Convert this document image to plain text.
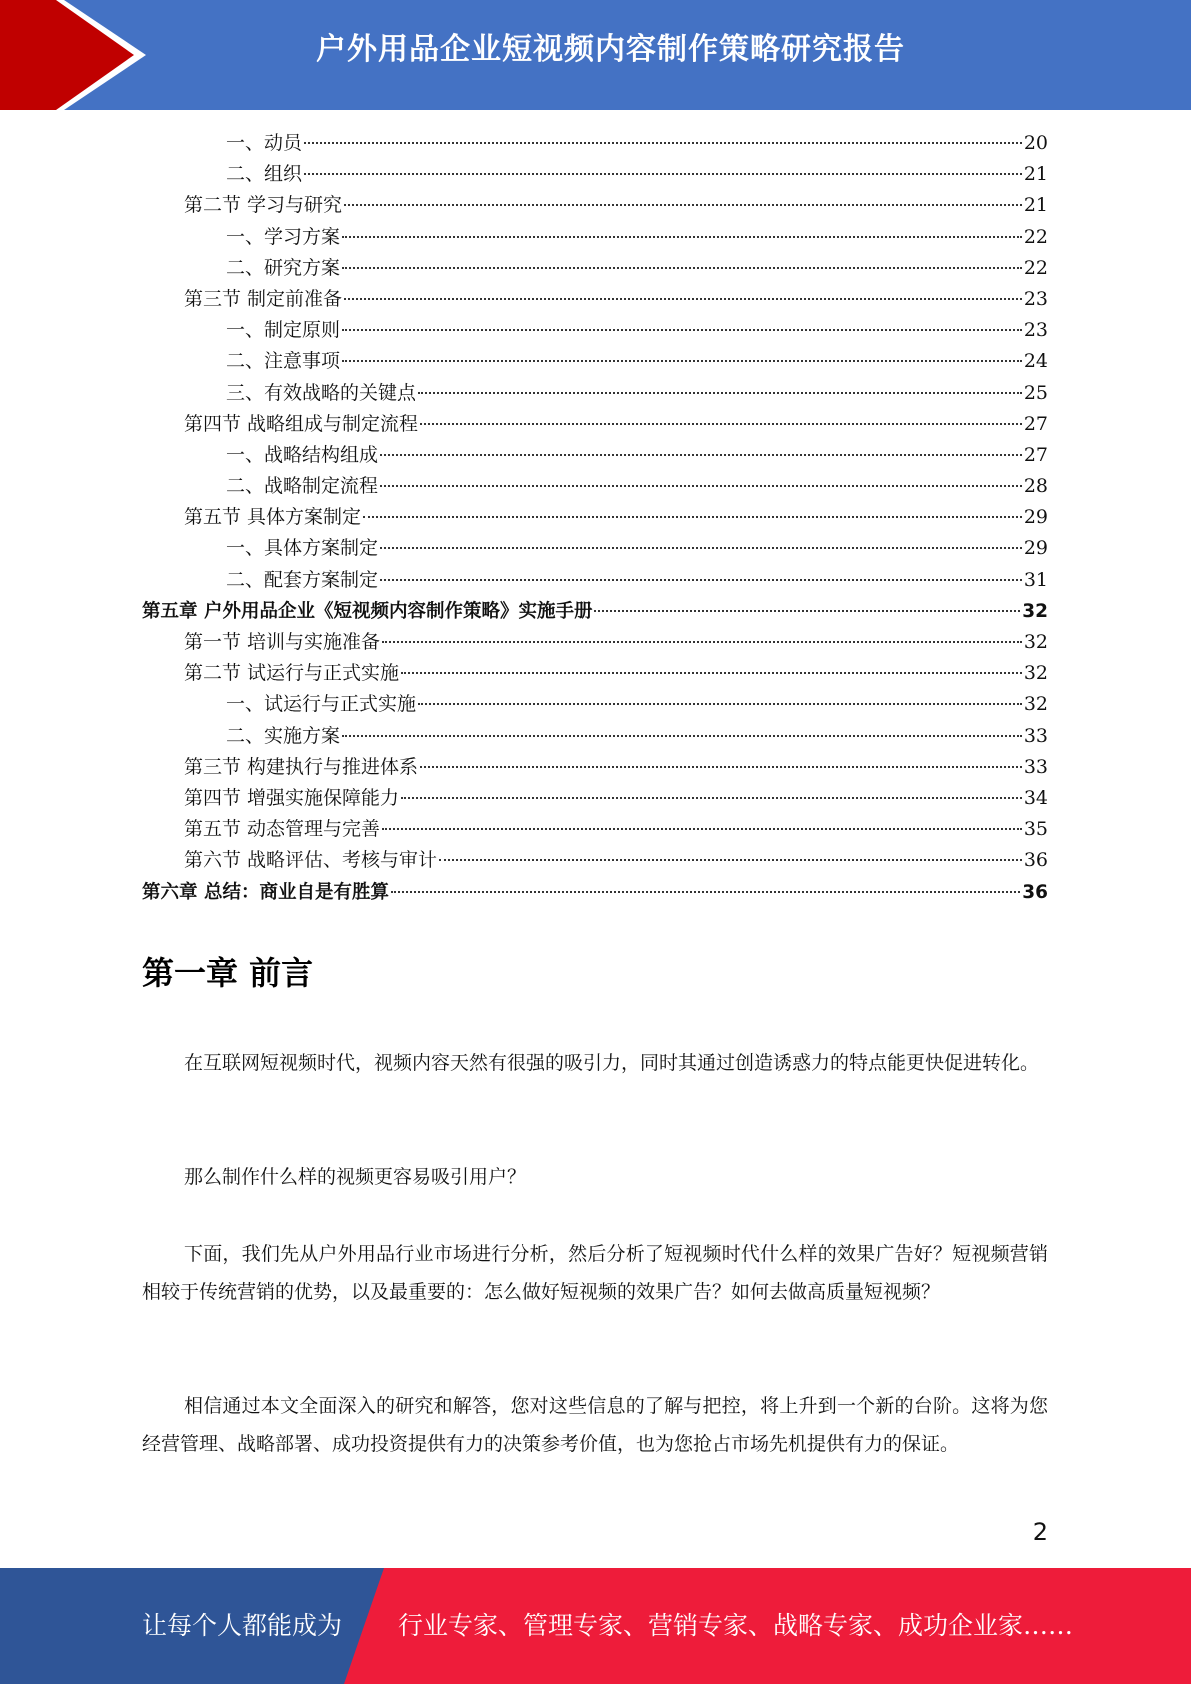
户外用品企业短视频内容制作策略研究报告
一、动员	20
二、组织	21
第二节 学习与研究	21
一、学习方案	22
二、研究方案	22
第三节 制定前准备	23
一、制定原则	23
二、注意事项	24
三、有效战略的关键点	25
第四节 战略组成与制定流程	27
一、战略结构组成	27
二、战略制定流程	28
第五节 具体方案制定	29
一、具体方案制定	29
二、配套方案制定	31
第五章 户外用品企业《短视频内容制作策略》实施手册	32
第一节 培训与实施准备	32
第二节 试运行与正式实施	32
一、试运行与正式实施	32
二、实施方案	33
第三节 构建执行与推进体系	33
第四节 增强实施保障能力	34
第五节 动态管理与完善	35
第六节 战略评估、考核与审计	36
第六章 总结：商业自是有胜算	36
第一章 前言

在互联网短视频时代，视频内容天然有很强的吸引力，同时其通过创造诱惑力的特点能更快促进转化。

那么制作什么样的视频更容易吸引用户？

下面，我们先从户外用品行业市场进行分析，然后分析了短视频时代什么样的效果广告好？短视频营销相较于传统营销的优势，以及最重要的：怎么做好短视频的效果广告？如何去做高质量短视频？

相信通过本文全面深入的研究和解答，您对这些信息的了解与把控，将上升到一个新的台阶。这将为您经营管理、战略部署、成功投资提供有力的决策参考价值，也为您抢占市场先机提供有力的保证。

2
让每个人都能成为 行业专家、管理专家、营销专家、战略专家、成功企业家……
